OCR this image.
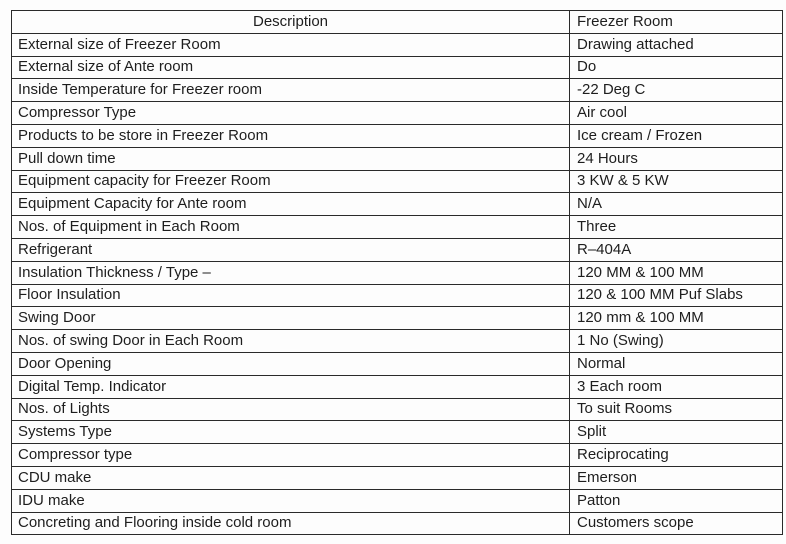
Description	Freezer Room
External size of Freezer Room	Drawing attached
External size of Ante room	Do
Inside Temperature for Freezer room	-22 Deg C
Compressor Type	Air cool
Products to be store in Freezer Room	Ice cream / Frozen
Pull down time	24 Hours
Equipment capacity for Freezer Room	3 KW & 5 KW
Equipment Capacity for Ante room	N/A
Nos. of Equipment in Each Room	Three
Refrigerant	R–404A
Insulation Thickness / Type –	120 MM & 100 MM
Floor Insulation	120 & 100 MM Puf Slabs
Swing Door	120 mm & 100 MM
Nos. of swing Door in Each Room	1 No (Swing)
Door Opening	Normal
Digital Temp. Indicator	3 Each room
Nos. of Lights	To suit Rooms
Systems Type	Split
Compressor type	Reciprocating
CDU make	Emerson
IDU make	Patton
Concreting and Flooring inside cold room	Customers scope
